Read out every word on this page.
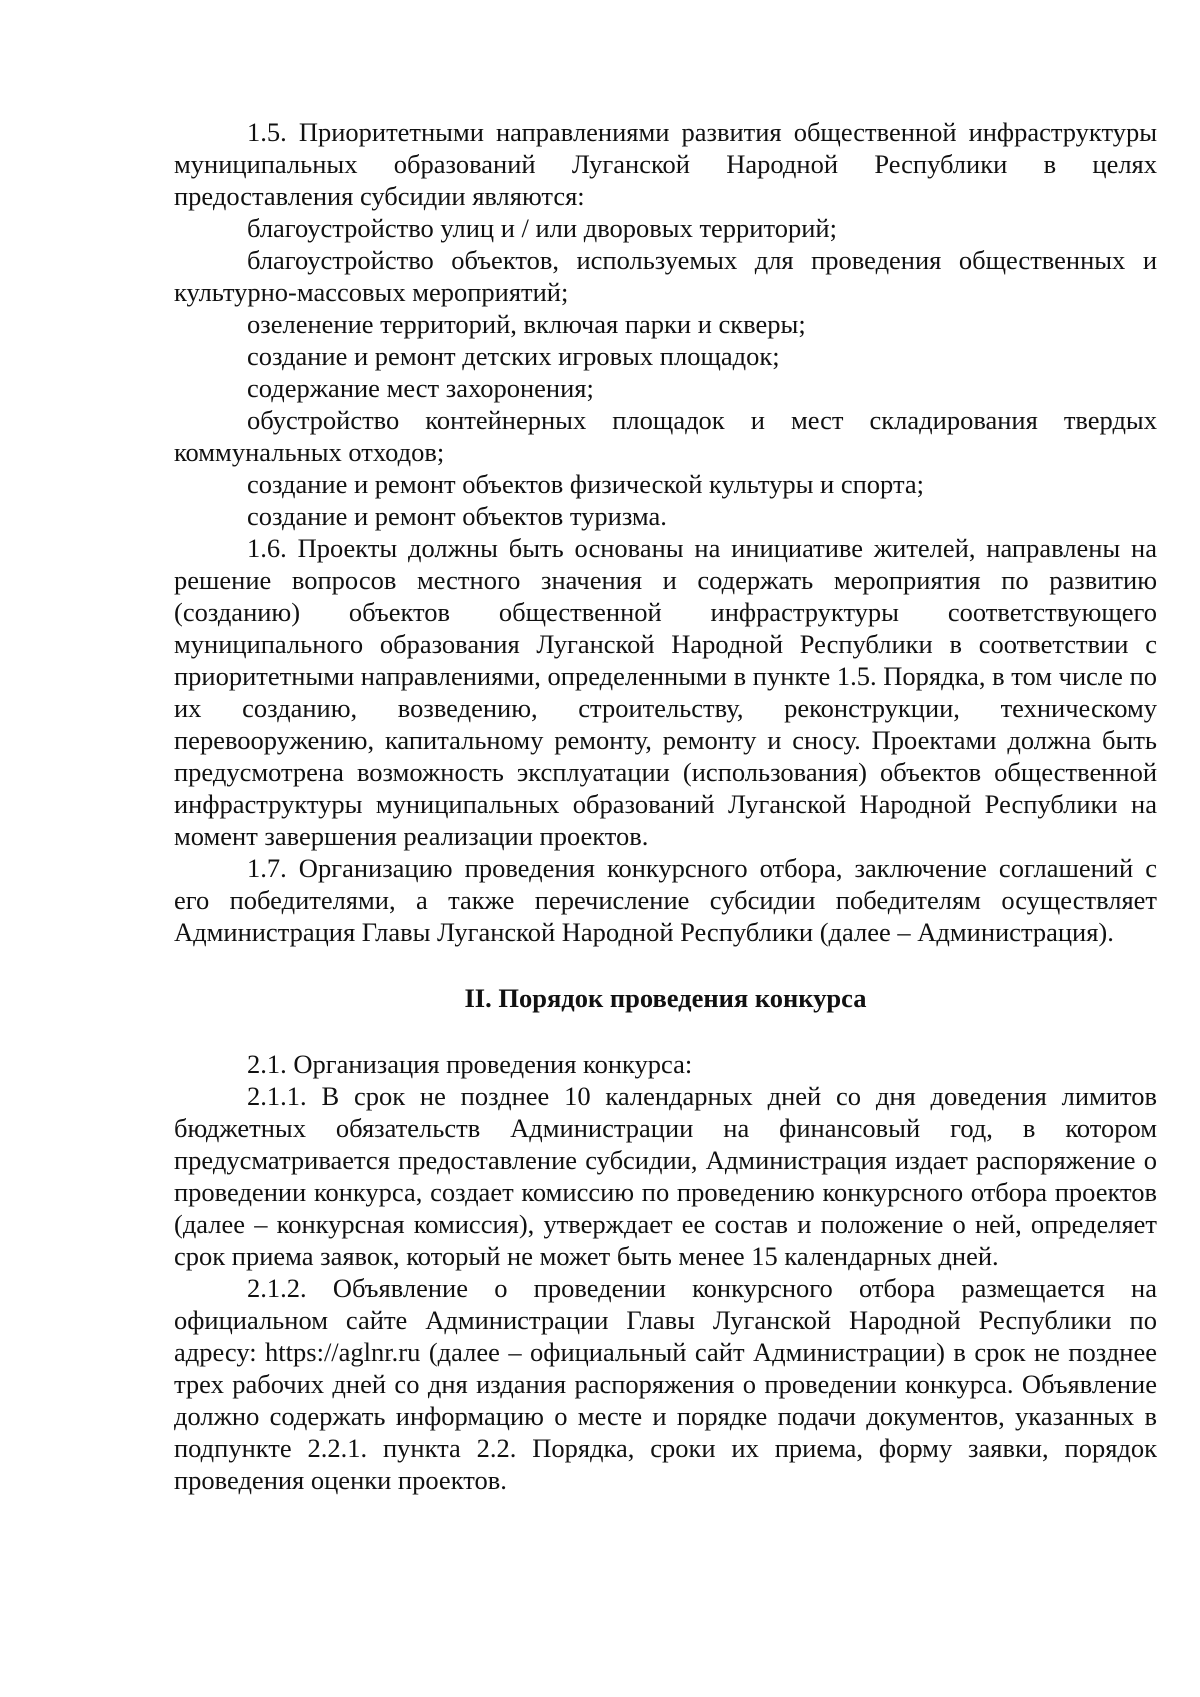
1.5. Приоритетными направлениями развития общественной инфраструктуры муниципальных образований Луганской Народной Республики в целях предоставления субсидии являются:

благоустройство улиц и / или дворовых территорий;

благоустройство объектов, используемых для проведения общественных и культурно-массовых мероприятий;

озеленение территорий, включая парки и скверы;

создание и ремонт детских игровых площадок;

содержание мест захоронения;

обустройство контейнерных площадок и мест складирования твердых коммунальных отходов;

создание и ремонт объектов физической культуры и спорта;

создание и ремонт объектов туризма.

1.6. Проекты должны быть основаны на инициативе жителей, направлены на решение вопросов местного значения и содержать мероприятия по развитию (созданию) объектов общественной инфраструктуры соответствующего муниципального образования Луганской Народной Республики в соответствии с приоритетными направлениями, определенными в пункте 1.5. Порядка, в том числе по их созданию, возведению, строительству, реконструкции, техническому перевооружению, капитальному ремонту, ремонту и сносу. Проектами должна быть предусмотрена возможность эксплуатации (использования) объектов общественной инфраструктуры муниципальных образований Луганской Народной Республики на момент завершения реализации проектов.

1.7. Организацию проведения конкурсного отбора, заключение соглашений с его победителями, а также перечисление субсидии победителям осуществляет Администрация Главы Луганской Народной Республики (далее – Администрация).

II. Порядок проведения конкурса

2.1. Организация проведения конкурса:

2.1.1. В срок не позднее 10 календарных дней со дня доведения лимитов бюджетных обязательств Администрации на финансовый год, в котором предусматривается предоставление субсидии, Администрация издает распоряжение о проведении конкурса, создает комиссию по проведению конкурсного отбора проектов (далее – конкурсная комиссия), утверждает ее состав и положение о ней, определяет срок приема заявок, который не может быть менее 15 календарных дней.

2.1.2. Объявление о проведении конкурсного отбора размещается на официальном сайте Администрации Главы Луганской Народной Республики по адресу: https://aglnr.ru (далее – официальный сайт Администрации) в срок не позднее трех рабочих дней со дня издания распоряжения о проведении конкурса. Объявление должно содержать информацию о месте и порядке подачи документов, указанных в подпункте 2.2.1. пункта 2.2. Порядка, сроки их приема, форму заявки, порядок проведения оценки проектов.
